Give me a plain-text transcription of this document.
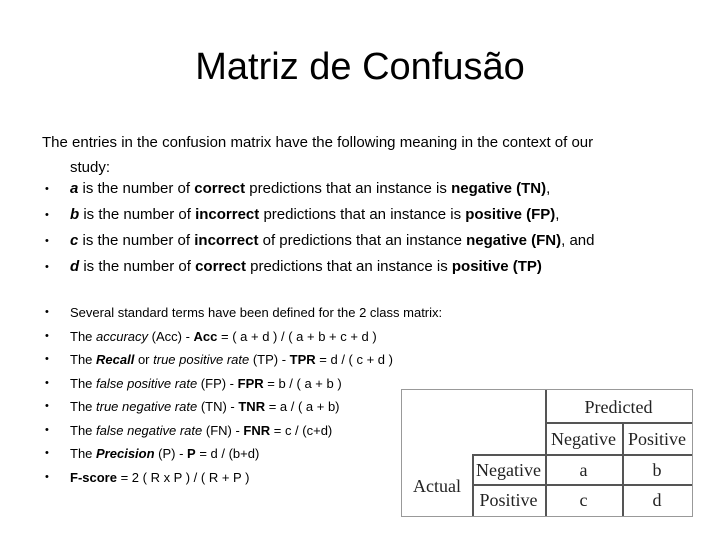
Matriz de Confusão
The entries in the confusion matrix have the following meaning in the context of our
study:
• a is the number of correct predictions that an instance is negative (TN),
• b is the number of incorrect predictions that an instance is positive (FP),
• c is the number of incorrect of predictions that an instance negative (FN), and
• d is the number of correct predictions that an instance is positive (TP)
• Several standard terms have been defined for the 2 class matrix:
• The accuracy (Acc) - Acc = ( a + d ) / ( a + b + c + d )
• The Recall or true positive rate (TP) - TPR = d / ( c + d )
• The false positive rate (FP) - FPR = b / ( a + b )
• The true negative rate (TN) - TNR = a / ( a + b)
• The false negative rate (FN) - FNR = c / (c+d)
• The Precision (P) - P = d / (b+d)
• F-score = 2 ( R x P ) / ( R + P )
Predicted
Negative Positive
Actual
Negative
Positive
a	b
c	d
